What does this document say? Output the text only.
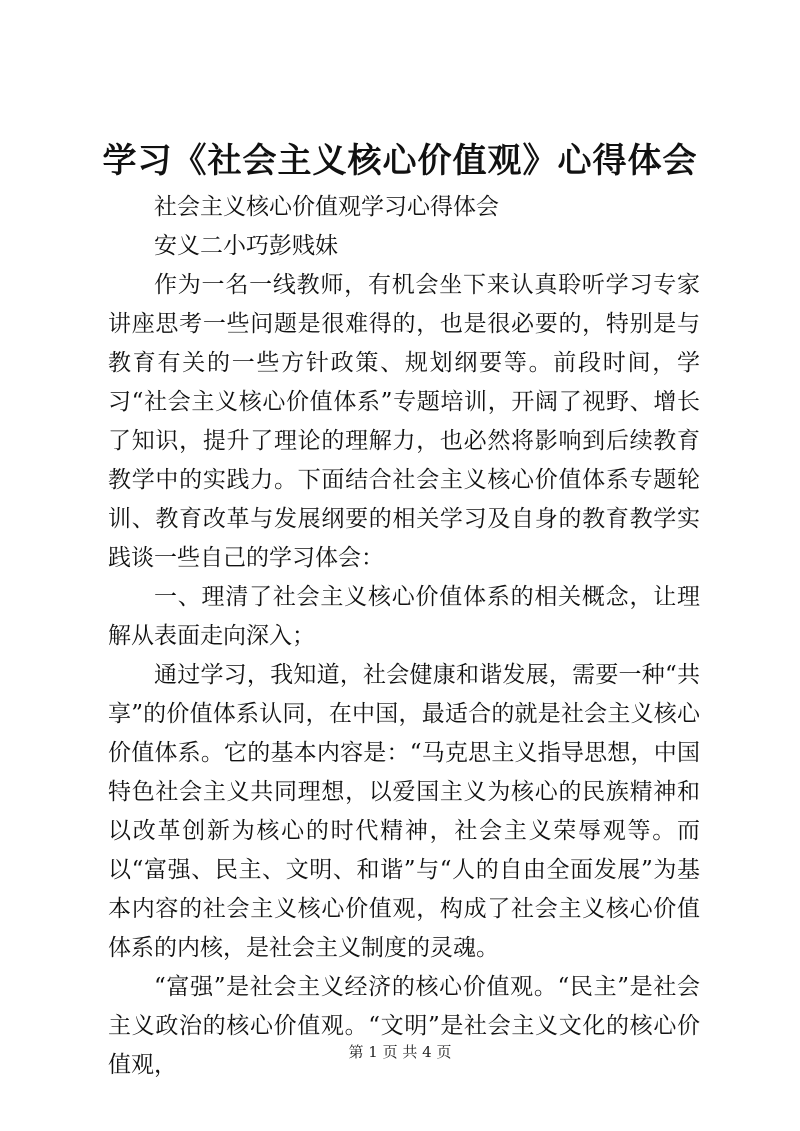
学习《社会主义核心价值观》心得体会

社会主义核心价值观学习心得体会

安义二小巧彭贱妹

作为一名一线教师，有机会坐下来认真聆听学习专家讲座思考一些问题是很难得的，也是很必要的，特别是与教育有关的一些方针政策、规划纲要等。前段时间，学习“社会主义核心价值体系”专题培训，开阔了视野、增长了知识，提升了理论的理解力，也必然将影响到后续教育教学中的实践力。下面结合社会主义核心价值体系专题轮训、教育改革与发展纲要的相关学习及自身的教育教学实践谈一些自己的学习体会：

一、理清了社会主义核心价值体系的相关概念，让理解从表面走向深入；

通过学习，我知道，社会健康和谐发展，需要一种“共享”的价值体系认同，在中国，最适合的就是社会主义核心价值体系。它的基本内容是：“马克思主义指导思想，中国特色社会主义共同理想，以爱国主义为核心的民族精神和以改革创新为核心的时代精神，社会主义荣辱观等。而以“富强、民主、文明、和谐”与“人的自由全面发展”为基本内容的社会主义核心价值观，构成了社会主义核心价值体系的内核，是社会主义制度的灵魂。

“富强”是社会主义经济的核心价值观。“民主”是社会主义政治的核心价值观。“文明”是社会主义文化的核心价值观，	第 1 页 共 4 页
